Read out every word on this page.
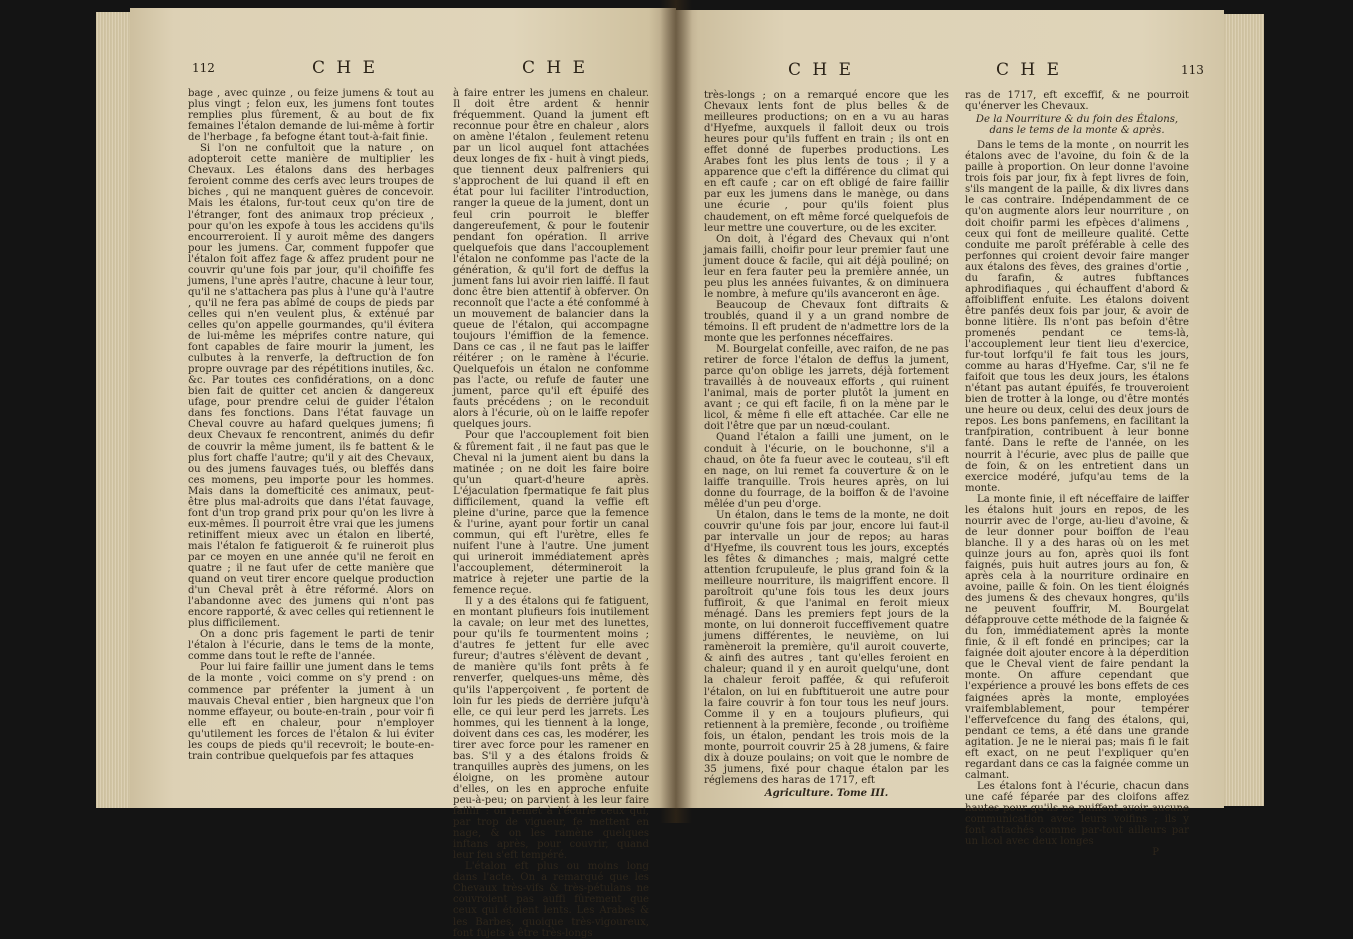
112	C H E	C H E

bage , avec quinze , ou feize jumens & tout au plus vingt ; felon eux, les jumens font toutes remplies plus fûrement, & au bout de fix femaines l'étalon demande de lui-même à fortir de l'herbage , fa befogne étant tout-à-fait finie.

Si l'on ne confultoit que la nature , on adopteroit cette manière de multiplier les Chevaux. Les étalons dans des herbages feroient comme des cerfs avec leurs troupes de biches , qui ne manquent guères de concevoir. Mais les étalons, fur-tout ceux qu'on tire de l'étranger, font des animaux trop précieux , pour qu'on les expofe à tous les accidens qu'ils encourreroient. Il y auroit même des dangers pour les jumens. Car, comment fuppofer que l'étalon foit affez fage & affez prudent pour ne couvrir qu'une fois par jour, qu'il choififfe fes jumens, l'une après l'autre, chacune à leur tour, qu'il ne s'attachera pas plus à l'une qu'à l'autre , qu'il ne fera pas abîmé de coups de pieds par celles qui n'en veulent plus, & exténué par celles qu'on appelle gourmandes, qu'il évitera de lui-même les méprifes contre nature, qui font capables de faire mourir la jument, les culbutes à la renverfe, la deftruction de fon propre ouvrage par des répétitions inutiles, &c. &c. Par toutes ces confidérations, on a donc bien fait de quitter cet ancien & dangereux ufage, pour prendre celui de guider l'étalon dans fes fonctions. Dans l'état fauvage un Cheval couvre au hafard quelques jumens; fi deux Chevaux fe rencontrent, animés du defir de couvrir la même jument, ils fe battent & le plus fort chaffe l'autre; qu'il y ait des Chevaux, ou des jumens fauvages tués, ou bleffés dans ces momens, peu importe pour les hommes. Mais dans la domefticité ces animaux, peut-être plus mal-adroits que dans l'état fauvage, font d'un trop grand prix pour qu'on les livre à eux-mêmes. Il pourroit être vrai que les jumens retiniffent mieux avec un étalon en liberté, mais l'étalon fe fatigueroit & fe ruineroit plus par ce moyen en une année qu'il ne feroit en quatre ; il ne faut ufer de cette manière que quand on veut tirer encore quelque production d'un Cheval prêt à être réformé. Alors on l'abandonne avec des jumens qui n'ont pas encore rapporté, & avec celles qui retiennent le plus difficilement.

On a donc pris fagement le parti de tenir l'étalon à l'écurie, dans le tems de la monte, comme dans tout le refte de l'année.

Pour lui faire faillir une jument dans le tems de la monte , voici comme on s'y prend : on commence par préfenter la jument à un mauvais Cheval entier , bien hargneux que l'on nomme effayeur, ou boute-en-train , pour voir fi elle eft en chaleur, pour n'employer qu'utilement les forces de l'étalon & lui éviter les coups de pieds qu'il recevroit; le boute-en-train contribue quelquefois par fes attaques

à faire entrer les jumens en chaleur. Il doit être ardent & hennir fréquemment. Quand la jument eft reconnue pour être en chaleur , alors on amène l'étalon , feulement retenu par un licol auquel font attachées deux longes de fix - huit à vingt pieds, que tiennent deux palfreniers qui s'approchent de lui quand il eft en état pour lui faciliter l'introduction, ranger la queue de la jument, dont un feul crin pourroit le bleffer dangereufement, & pour le foutenir pendant fon opération. Il arrive quelquefois que dans l'accouplement l'étalon ne confomme pas l'acte de la génération, & qu'il fort de deffus la jument fans lui avoir rien laiffé. Il faut donc être bien attentif à obferver. On reconnoît que l'acte a été confommé à un mouvement de balancier dans la queue de l'étalon, qui accompagne toujours l'émiffion de la femence. Dans ce cas , il ne faut pas le laiffer réitérer ; on le ramène à l'écurie. Quelquefois un étalon ne confomme pas l'acte, ou refufe de fauter une jument, parce qu'il eft épuifé des fauts précédens ; on le reconduit alors à l'écurie, où on le laiffe repofer quelques jours.

Pour que l'accouplement foit bien & fûrement fait , il ne faut pas que le Cheval ni la jument aient bu dans la matinée ; on ne doit les faire boire qu'un quart-d'heure après. L'éjaculation fpermatique fe fait plus difficilement, quand la veffie eft pleine d'urine, parce que la femence & l'urine, ayant pour fortir un canal commun, qui eft l'urètre, elles fe nuifent l'une à l'autre. Une jument qui urineroit immédiatement après l'accouplement, détermineroit la matrice à rejeter une partie de la femence reçue.

Il y a des étalons qui fe fatiguent, en montant plufieurs fois inutilement la cavale; on leur met des lunettes, pour qu'ils fe tourmentent moins ; d'autres fe jettent fur elle avec fureur; d'autres s'élèvent de devant , de manière qu'ils font prêts à fe renverfer, quelques-uns même, dès qu'ils l'apperçoivent , fe portent de loin fur les pieds de derrière jufqu'à elle, ce qui leur perd les jarrets. Les hommes, qui les tiennent à la longe, doivent dans ces cas, les modérer, les tirer avec force pour les ramener en bas. S'il y a des étalons froids & tranquilles auprès des jumens, on les éloigne, on les promène autour d'elles, on les en approche enfuite peu-à-peu; on parvient à les leur faire faillir : on remet à l'écurie ceux qui, par trop de vigueur, fe mettent en nage, & on les ramène quelques inftans après, pour couvrir, quand leur feu s'eft tempéré.

L'étalon eft plus ou moins long dans l'acte. On a remarqué que les Chevaux très-vifs & très-pétulans ne couvroient pas auffi fûrement que ceux qui étoient lents. Les Arabes & les Barbes, quoique très-vigoureux, font fujets à être très-longs

C H E	C H E	113

très-longs ; on a remarqué encore que les Chevaux lents font de plus belles & de meilleures productions; on en a vu au haras d'Hyefme, auxquels il falloit deux ou trois heures pour qu'ils fuffent en train ; ils ont en effet donné de fuperbes productions. Les Arabes font les plus lents de tous ; il y a apparence que c'eft la différence du climat qui en eft caufe ; car on eft obligé de faire faillir par eux les jumens dans le manège, ou dans une écurie , pour qu'ils foient plus chaudement, on eft même forcé quelquefois de leur mettre une couverture, ou de les exciter.

On doit, à l'égard des Chevaux qui n'ont jamais failli, choifir pour leur premier faut une jument douce & facile, qui ait déjà pouliné; on leur en fera fauter peu la première année, un peu plus les années fuivantes, & on diminuera le nombre, à mefure qu'ils avanceront en âge.

Beaucoup de Chevaux font diftraits & troublés, quand il y a un grand nombre de témoins. Il eft prudent de n'admettre lors de la monte que les perfonnes néceffaires.

M. Bourgelat confeille, avec raifon, de ne pas retirer de force l'étalon de deffus la jument, parce qu'on oblige les jarrets, déjà fortement travaillés à de nouveaux efforts , qui ruinent l'animal, mais de porter plutôt la jument en avant ; ce qui eft facile, fi on la mène par le licol, & même fi elle eft attachée. Car elle ne doit l'être que par un nœud-coulant.

Quand l'étalon a failli une jument, on le conduit à l'écurie, on le bouchonne, s'il a chaud, on ôte fa fueur avec le couteau, s'il eft en nage, on lui remet fa couverture & on le laiffe tranquille. Trois heures après, on lui donne du fourrage, de la boiffon & de l'avoine mêlée d'un peu d'orge.

Un étalon, dans le tems de la monte, ne doit couvrir qu'une fois par jour, encore lui faut-il par intervalle un jour de repos; au haras d'Hyefme, ils couvrent tous les jours, exceptés les fêtes & dimanches ; mais, malgré cette attention fcrupuleufe, le plus grand foin & la meilleure nourriture, ils maigriffent encore. Il paroîtroit qu'une fois tous les deux jours fuffiroit, & que l'animal en feroit mieux ménagé. Dans les premiers fept jours de la monte, on lui donneroit fucceffivement quatre jumens différentes, le neuvième, on lui ramèneroit la première, qu'il auroit couverte, & ainfi des autres , tant qu'elles feroient en chaleur; quand il y en auroit quelqu'une, dont la chaleur feroit paffée, & qui refuferoit l'étalon, on lui en fubftitueroit une autre pour la faire couvrir à fon tour tous les neuf jours. Comme il y en a toujours plufieurs, qui retiennent à la première, feconde , ou troifième fois, un étalon, pendant les trois mois de la monte, pourroit couvrir 25 à 28 jumens, & faire dix à douze poulains; on voit que le nombre de 35 jumens, fixé pour chaque étalon par les réglemens des haras de 1717, eft

Agriculture. Tome III.

ras de 1717, eft exceffif, & ne pourroit qu'énerver les Chevaux.

De la Nourriture & du foin des Étalons, dans le tems de la monte & après.

Dans le tems de la monte , on nourrit les étalons avec de l'avoine, du foin & de la paille à proportion. On leur donne l'avoine trois fois par jour, fix à fept livres de foin, s'ils mangent de la paille, & dix livres dans le cas contraire. Indépendamment de ce qu'on augmente alors leur nourriture , on doit choifir parmi les efpèces d'alimens , ceux qui font de meilleure qualité. Cette conduite me paroît préférable à celle des perfonnes qui croient devoir faire manger aux étalons des fèves, des graines d'ortie , du farafin, & autres fubftances aphrodifiaques , qui échauffent d'abord & affoibliffent enfuite. Les étalons doivent être panfés deux fois par jour, & avoir de bonne litière. Ils n'ont pas befoin d'être promenés pendant ce tems-là, l'accouplement leur tient lieu d'exercice, fur-tout lorfqu'il fe fait tous les jours, comme au haras d'Hyefme. Car, s'il ne fe faifoit que tous les deux jours, les étalons n'étant pas autant épuifés, fe trouveroient bien de trotter à la longe, ou d'être montés une heure ou deux, celui des deux jours de repos. Les bons panfemens, en facilitant la tranfpiration, contribuent à leur bonne fanté. Dans le refte de l'année, on les nourrit à l'écurie, avec plus de paille que de foin, & on les entretient dans un exercice modéré, jufqu'au tems de la monte.

La monte finie, il eft néceffaire de laiffer les étalons huit jours en repos, de les nourrir avec de l'orge, au-lieu d'avoine, & de leur donner pour boiffon de l'eau blanche. Il y a des haras où on les met quinze jours au fon, après quoi ils font faignés, puis huit autres jours au fon, & après cela à la nourriture ordinaire en avoine, paille & foin. On les tient éloignés des jumens & des chevaux hongres, qu'ils ne peuvent fouffrir, M. Bourgelat défapprouve cette méthode de la faignée & du fon, immédiatement après la monte finie, & il eft fondé en principes; car la faignée doit ajouter encore à la déperdition que le Cheval vient de faire pendant la monte. On affure cependant que l'expérience a prouvé les bons effets de ces faignées après la monte, employées vraifemblablement, pour tempérer l'effervefcence du fang des étalons, qui, pendant ce tems, a été dans une grande agitation. Je ne le nierai pas; mais fi le fait eft exact, on ne peut l'expliquer qu'en regardant dans ce cas la faignée comme un calmant.

Les étalons font à l'écurie, chacun dans une café féparée par des cloifons affez hautes pour qu'ils ne puiffent avoir aucune communication avec leurs voifins ; ils y font attachés comme par-tout ailleurs par un licol avec deux longes

P
